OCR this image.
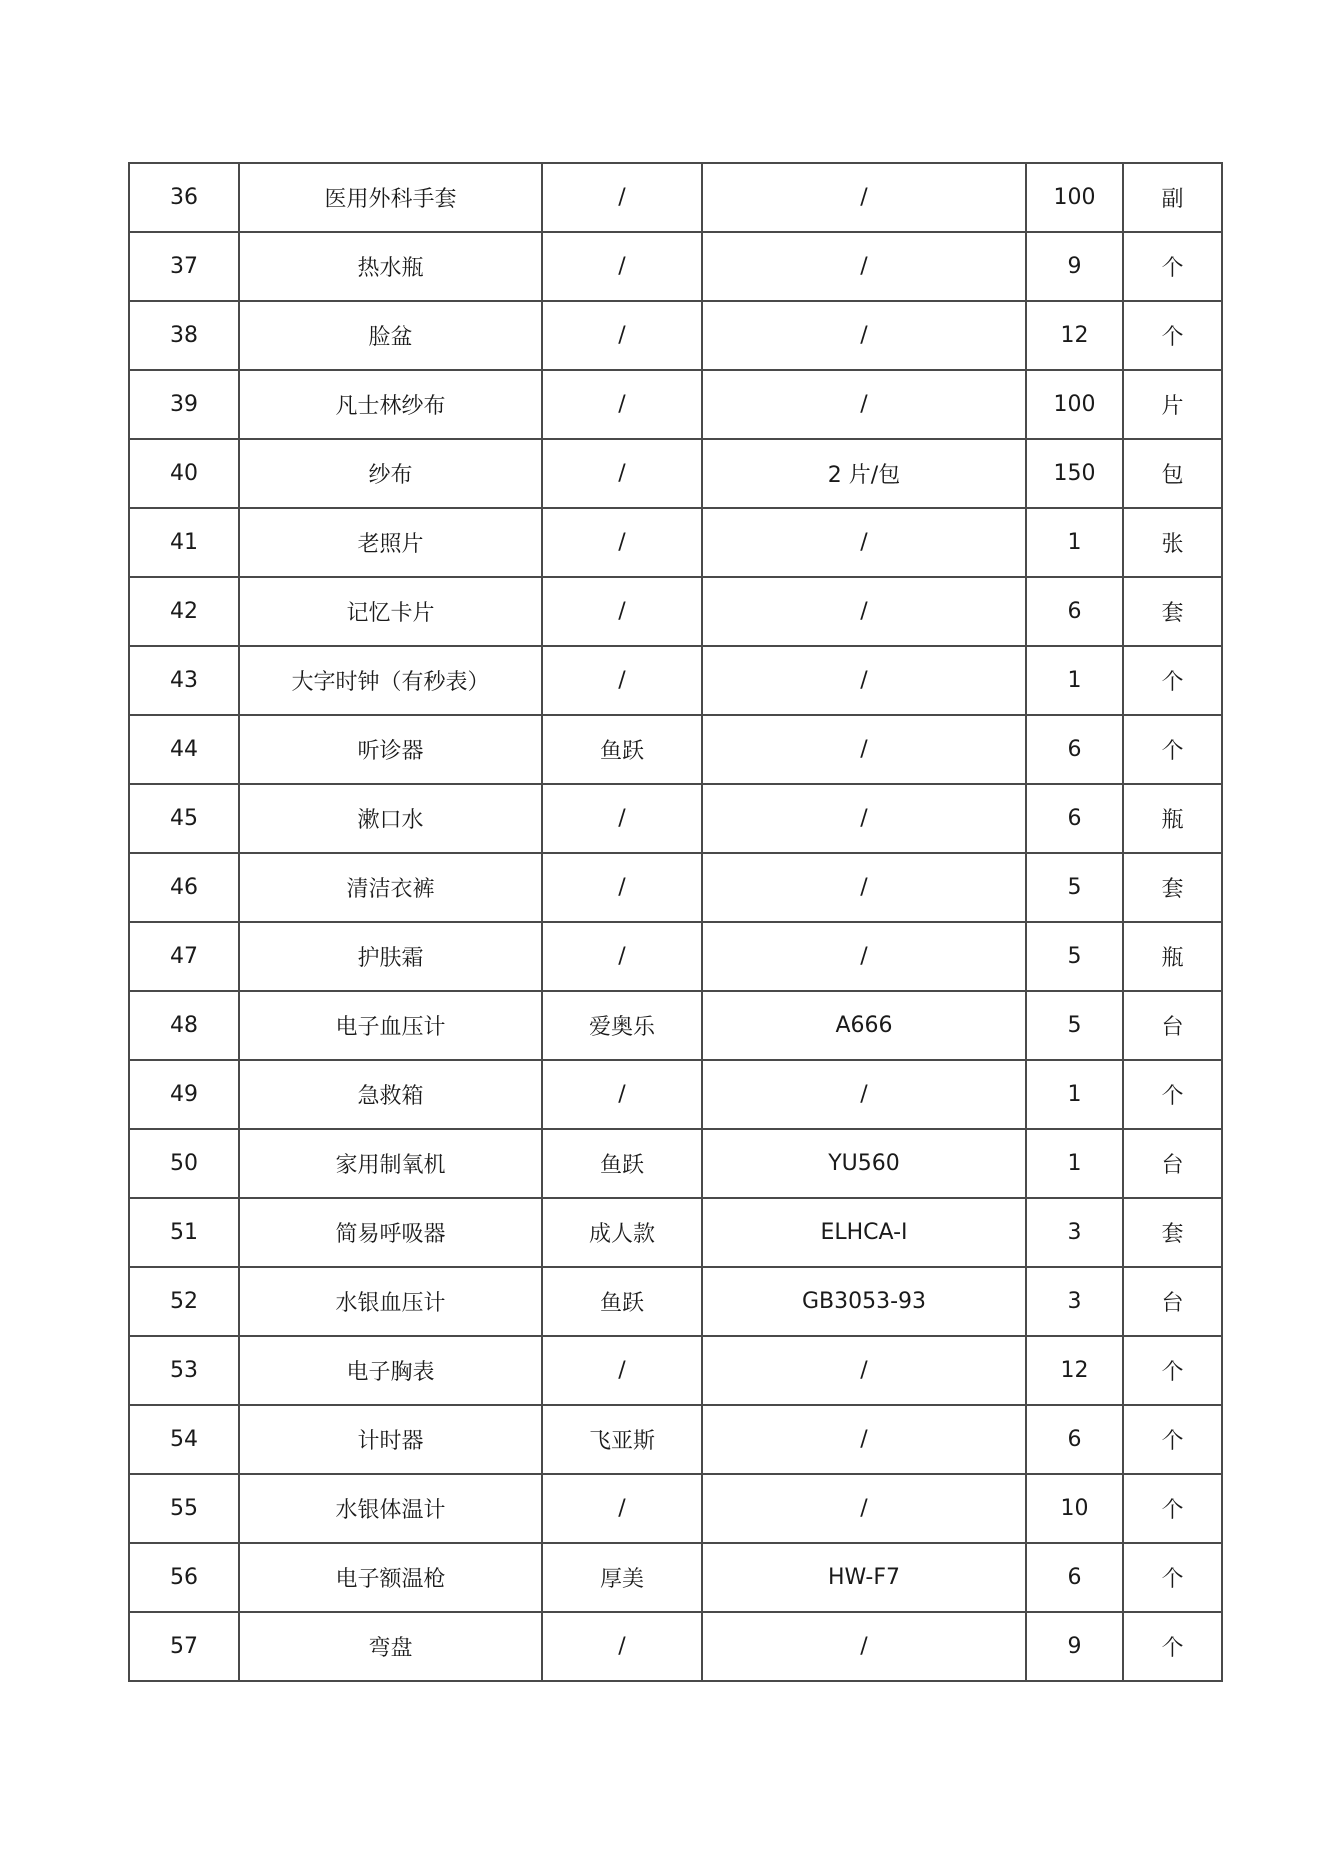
36	医用外科手套	/	/	100	副
37	热水瓶	/	/	9	个
38	脸盆	/	/	12	个
39	凡士林纱布	/	/	100	片
40	纱布	/	2 片/包	150	包
41	老照片	/	/	1	张
42	记忆卡片	/	/	6	套
43	大字时钟（有秒表）	/	/	1	个
44	听诊器	鱼跃	/	6	个
45	漱口水	/	/	6	瓶
46	清洁衣裤	/	/	5	套
47	护肤霜	/	/	5	瓶
48	电子血压计	爱奥乐	A666	5	台
49	急救箱	/	/	1	个
50	家用制氧机	鱼跃	YU560	1	台
51	简易呼吸器	成人款	ELHCA-I	3	套
52	水银血压计	鱼跃	GB3053-93	3	台
53	电子胸表	/	/	12	个
54	计时器	飞亚斯	/	6	个
55	水银体温计	/	/	10	个
56	电子额温枪	厚美	HW-F7	6	个
57	弯盘	/	/	9	个
